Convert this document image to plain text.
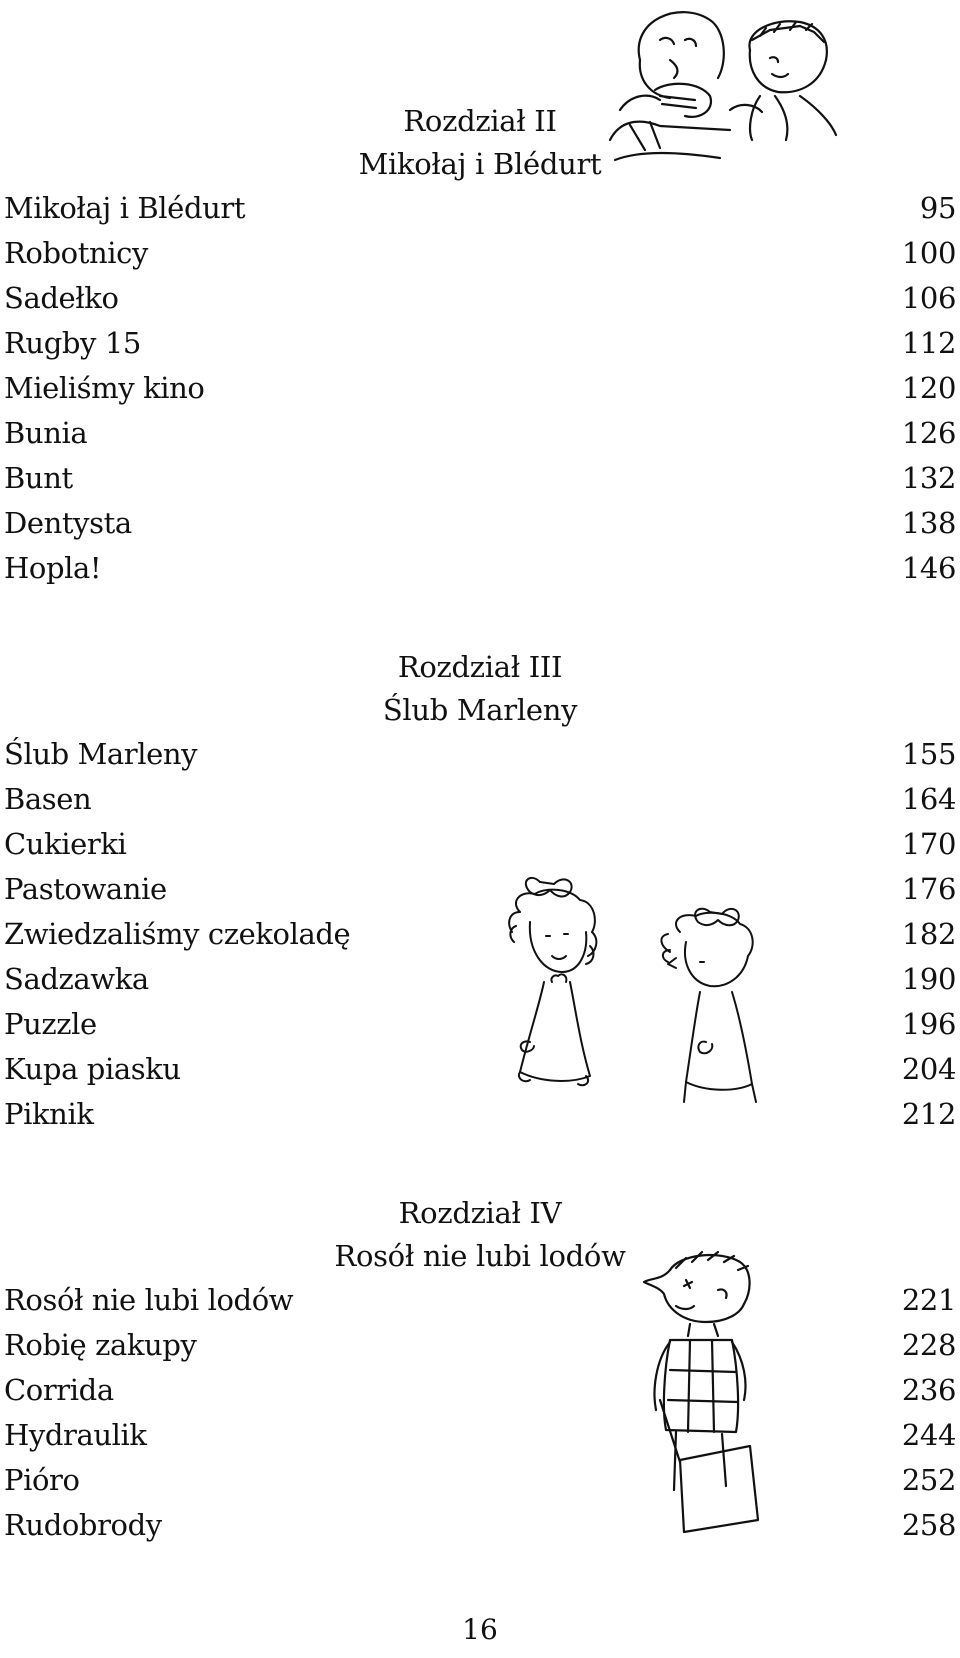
Rozdział II
Mikołaj i Blédurt
Mikołaj i Blédurt	95
Robotnicy	100
Sadełko	106
Rugby 15	112
Mieliśmy kino	120
Bunia	126
Bunt	132
Dentysta	138
Hopla!	146
Rozdział III
Ślub Marleny
Ślub Marleny	155
Basen	164
Cukierki	170
Pastowanie	176
Zwiedzaliśmy czekoladę	182
Sadzawka	190
Puzzle	196
Kupa piasku	204
Piknik	212
Rozdział IV
Rosół nie lubi lodów
Rosół nie lubi lodów	221
Robię zakupy	228
Corrida	236
Hydraulik	244
Pióro	252
Rudobrody	258
16
